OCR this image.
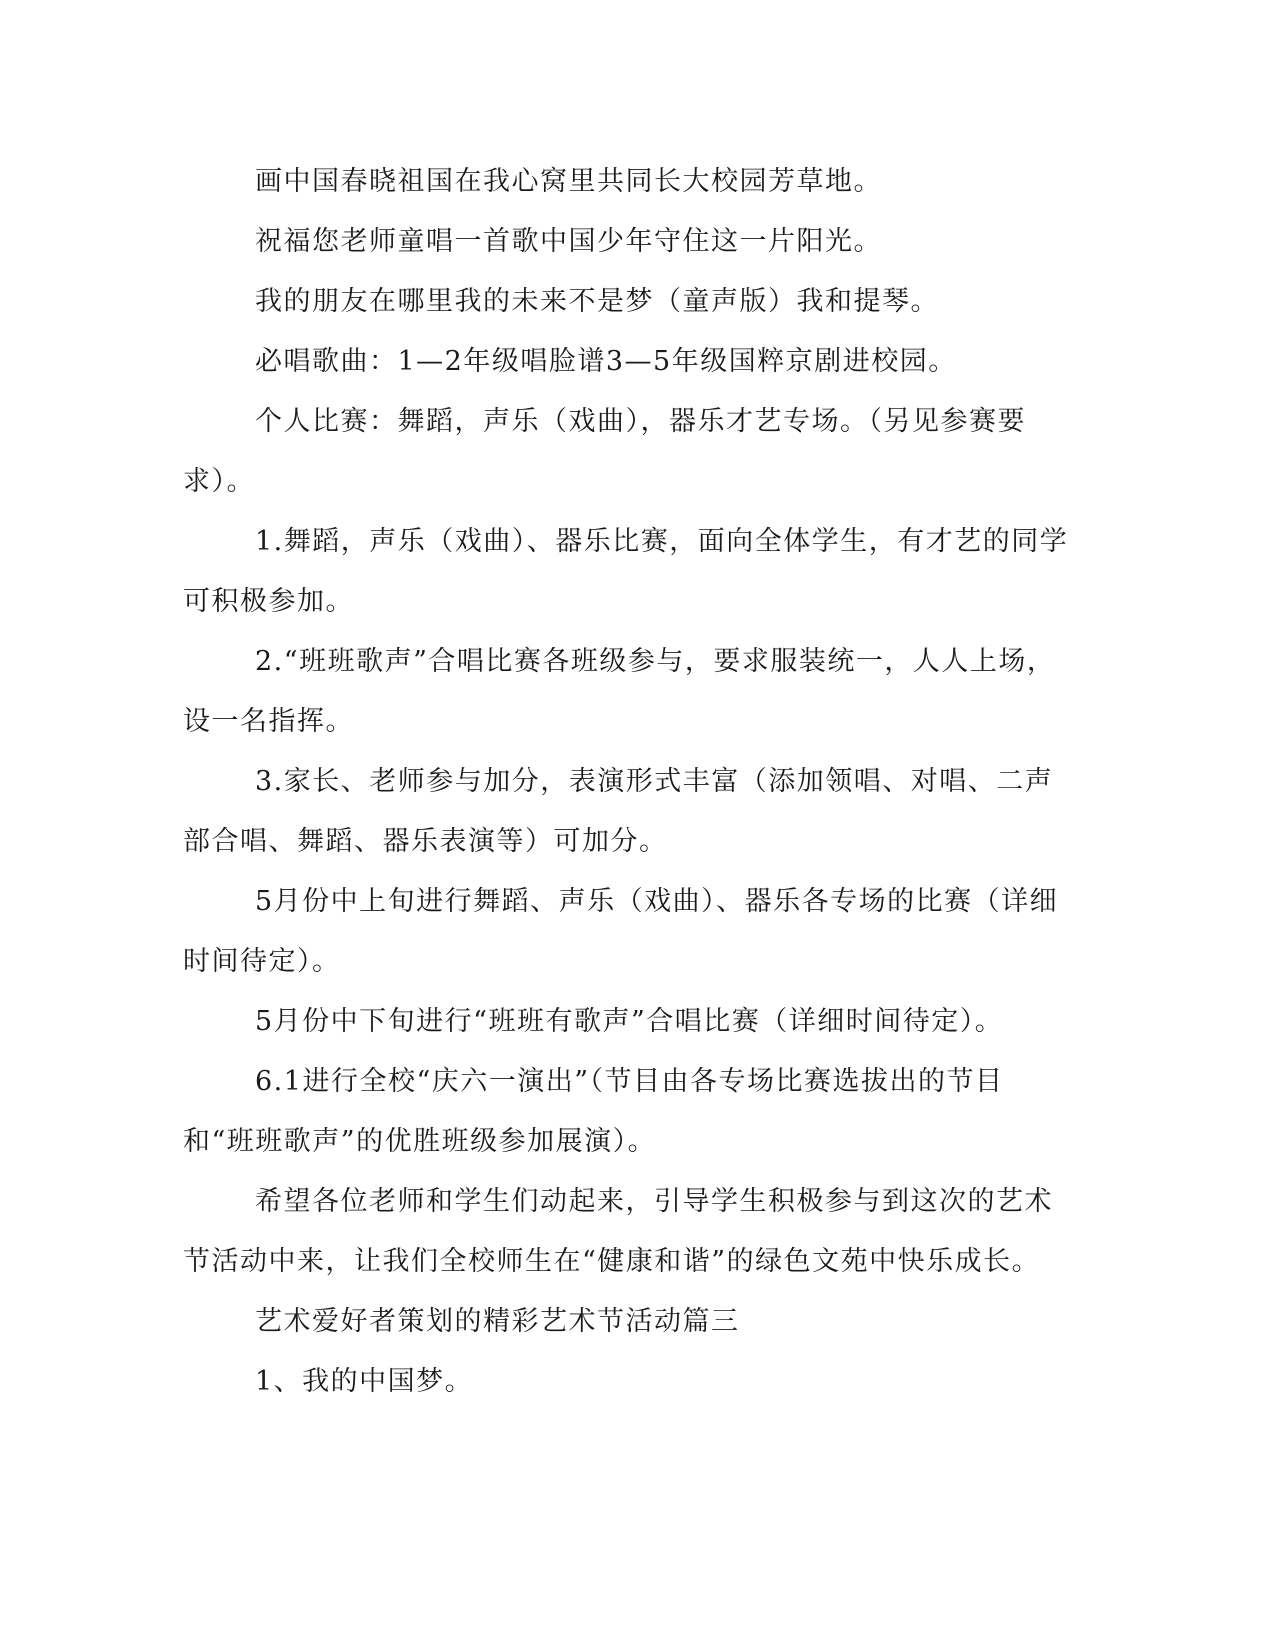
画中国春晓祖国在我心窝里共同长大校园芳草地。

祝福您老师童唱一首歌中国少年守住这一片阳光。

我的朋友在哪里我的未来不是梦（童声版）我和提琴。

必唱歌曲：1—2年级唱脸谱3—5年级国粹京剧进校园。

个人比赛：舞蹈，声乐（戏曲），器乐才艺专场。（另见参赛要求）。

1.舞蹈，声乐（戏曲）、器乐比赛，面向全体学生，有才艺的同学可积极参加。

2.“班班歌声”合唱比赛各班级参与，要求服装统一，人人上场，设一名指挥。

3.家长、老师参与加分，表演形式丰富（添加领唱、对唱、二声部合唱、舞蹈、器乐表演等）可加分。

5月份中上旬进行舞蹈、声乐（戏曲）、器乐各专场的比赛（详细时间待定）。

5月份中下旬进行“班班有歌声”合唱比赛（详细时间待定）。

6.1进行全校“庆六一演出”（节目由各专场比赛选拔出的节目和“班班歌声”的优胜班级参加展演）。

希望各位老师和学生们动起来，引导学生积极参与到这次的艺术节活动中来，让我们全校师生在“健康和谐”的绿色文苑中快乐成长。

艺术爱好者策划的精彩艺术节活动篇三

1、我的中国梦。
